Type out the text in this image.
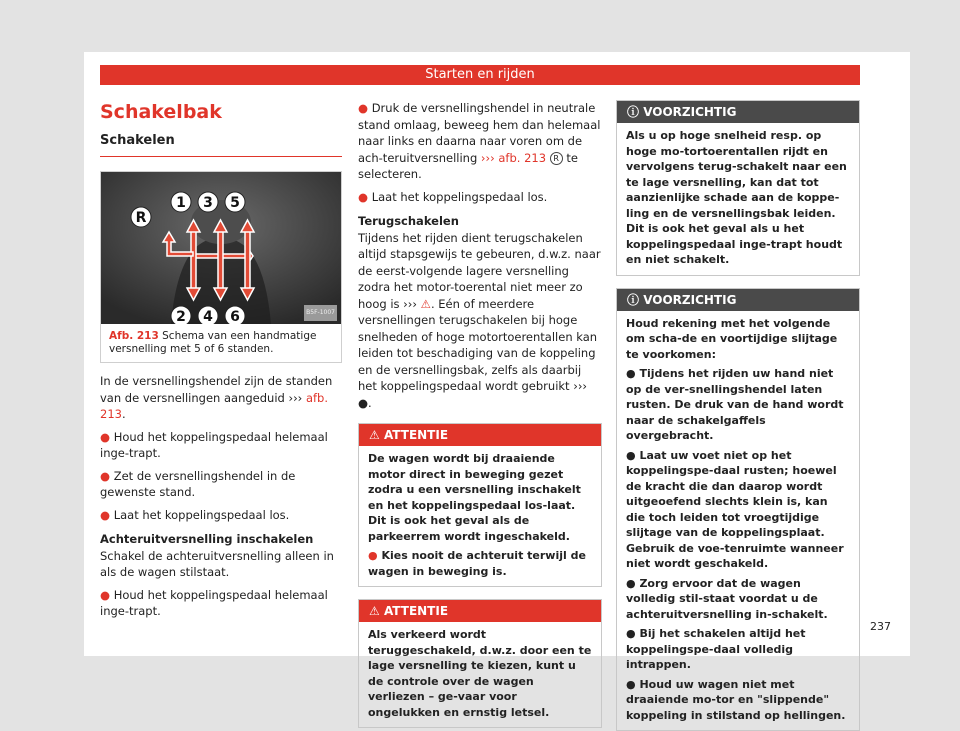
Starten en rijden
Schakelbak
Schakelen
1 3 5
R
2 4 6	B5F-1007
Afb. 213 Schema van een handmatige versnelling met 5 of 6 standen.

In de versnellingshendel zijn de standen van de versnellingen aangeduid ››› afb. 213.

● Houd het koppelingspedaal helemaal inge-trapt.

● Zet de versnellingshendel in de gewenste stand.

● Laat het koppelingspedaal los.

Achteruitversnelling inschakelen

Schakel de achteruitversnelling alleen in als de wagen stilstaat.

● Houd het koppelingspedaal helemaal inge-trapt.

● Druk de versnellingshendel in neutrale stand omlaag, beweeg hem dan helemaal naar links en daarna naar voren om de ach-teruitversnelling ››› afb. 213 R te selecteren.

● Laat het koppelingspedaal los.

Terugschakelen

Tijdens het rijden dient terugschakelen altijd stapsgewijs te gebeuren, d.w.z. naar de eerst-volgende lagere versnelling zodra het motor-toerental niet meer zo hoog is ››› ⚠. Eén of meerdere versnellingen terugschakelen bij hoge snelheden of hoge motortoerentallen kan leiden tot beschadiging van de koppeling en de versnellingsbak, zelfs als daarbij het koppelingspedaal wordt gebruikt ››› ●.

⚠ ATTENTIE

De wagen wordt bij draaiende motor direct in beweging gezet zodra u een versnelling inschakelt en het koppelingspedaal los-laat. Dit is ook het geval als de parkeerrem wordt ingeschakeld.

● Kies nooit de achteruit terwijl de wagen in beweging is.

⚠ ATTENTIE

Als verkeerd wordt teruggeschakeld, d.w.z. door een te lage versnelling te kiezen, kunt u de controle over de wagen verliezen – ge-vaar voor ongelukken en ernstig letsel.

ⓘ VOORZICHTIG

Als u op hoge snelheid resp. op hoge mo-tortoerentallen rijdt en vervolgens terug-schakelt naar een te lage versnelling, kan dat tot aanzienlijke schade aan de koppe-ling en de versnellingsbak leiden. Dit is ook het geval als u het koppelingspedaal inge-trapt houdt en niet schakelt.

ⓘ VOORZICHTIG

Houd rekening met het volgende om scha-de en voortijdige slijtage te voorkomen:

● Tijdens het rijden uw hand niet op de ver-snellingshendel laten rusten. De druk van de hand wordt naar de schakelgaffels overgebracht.

● Laat uw voet niet op het koppelingspe-daal rusten; hoewel de kracht die dan daarop wordt uitgeoefend slechts klein is, kan die toch leiden tot vroegtijdige slijtage van de koppelingsplaat. Gebruik de voe-tenruimte wanneer niet wordt geschakeld.

● Zorg ervoor dat de wagen volledig stil-staat voordat u de achteruitversnelling in-schakelt.

● Bij het schakelen altijd het koppelingspe-daal volledig intrappen.

● Houd uw wagen niet met draaiende mo-tor en "slippende" koppeling in stilstand op hellingen.

237
